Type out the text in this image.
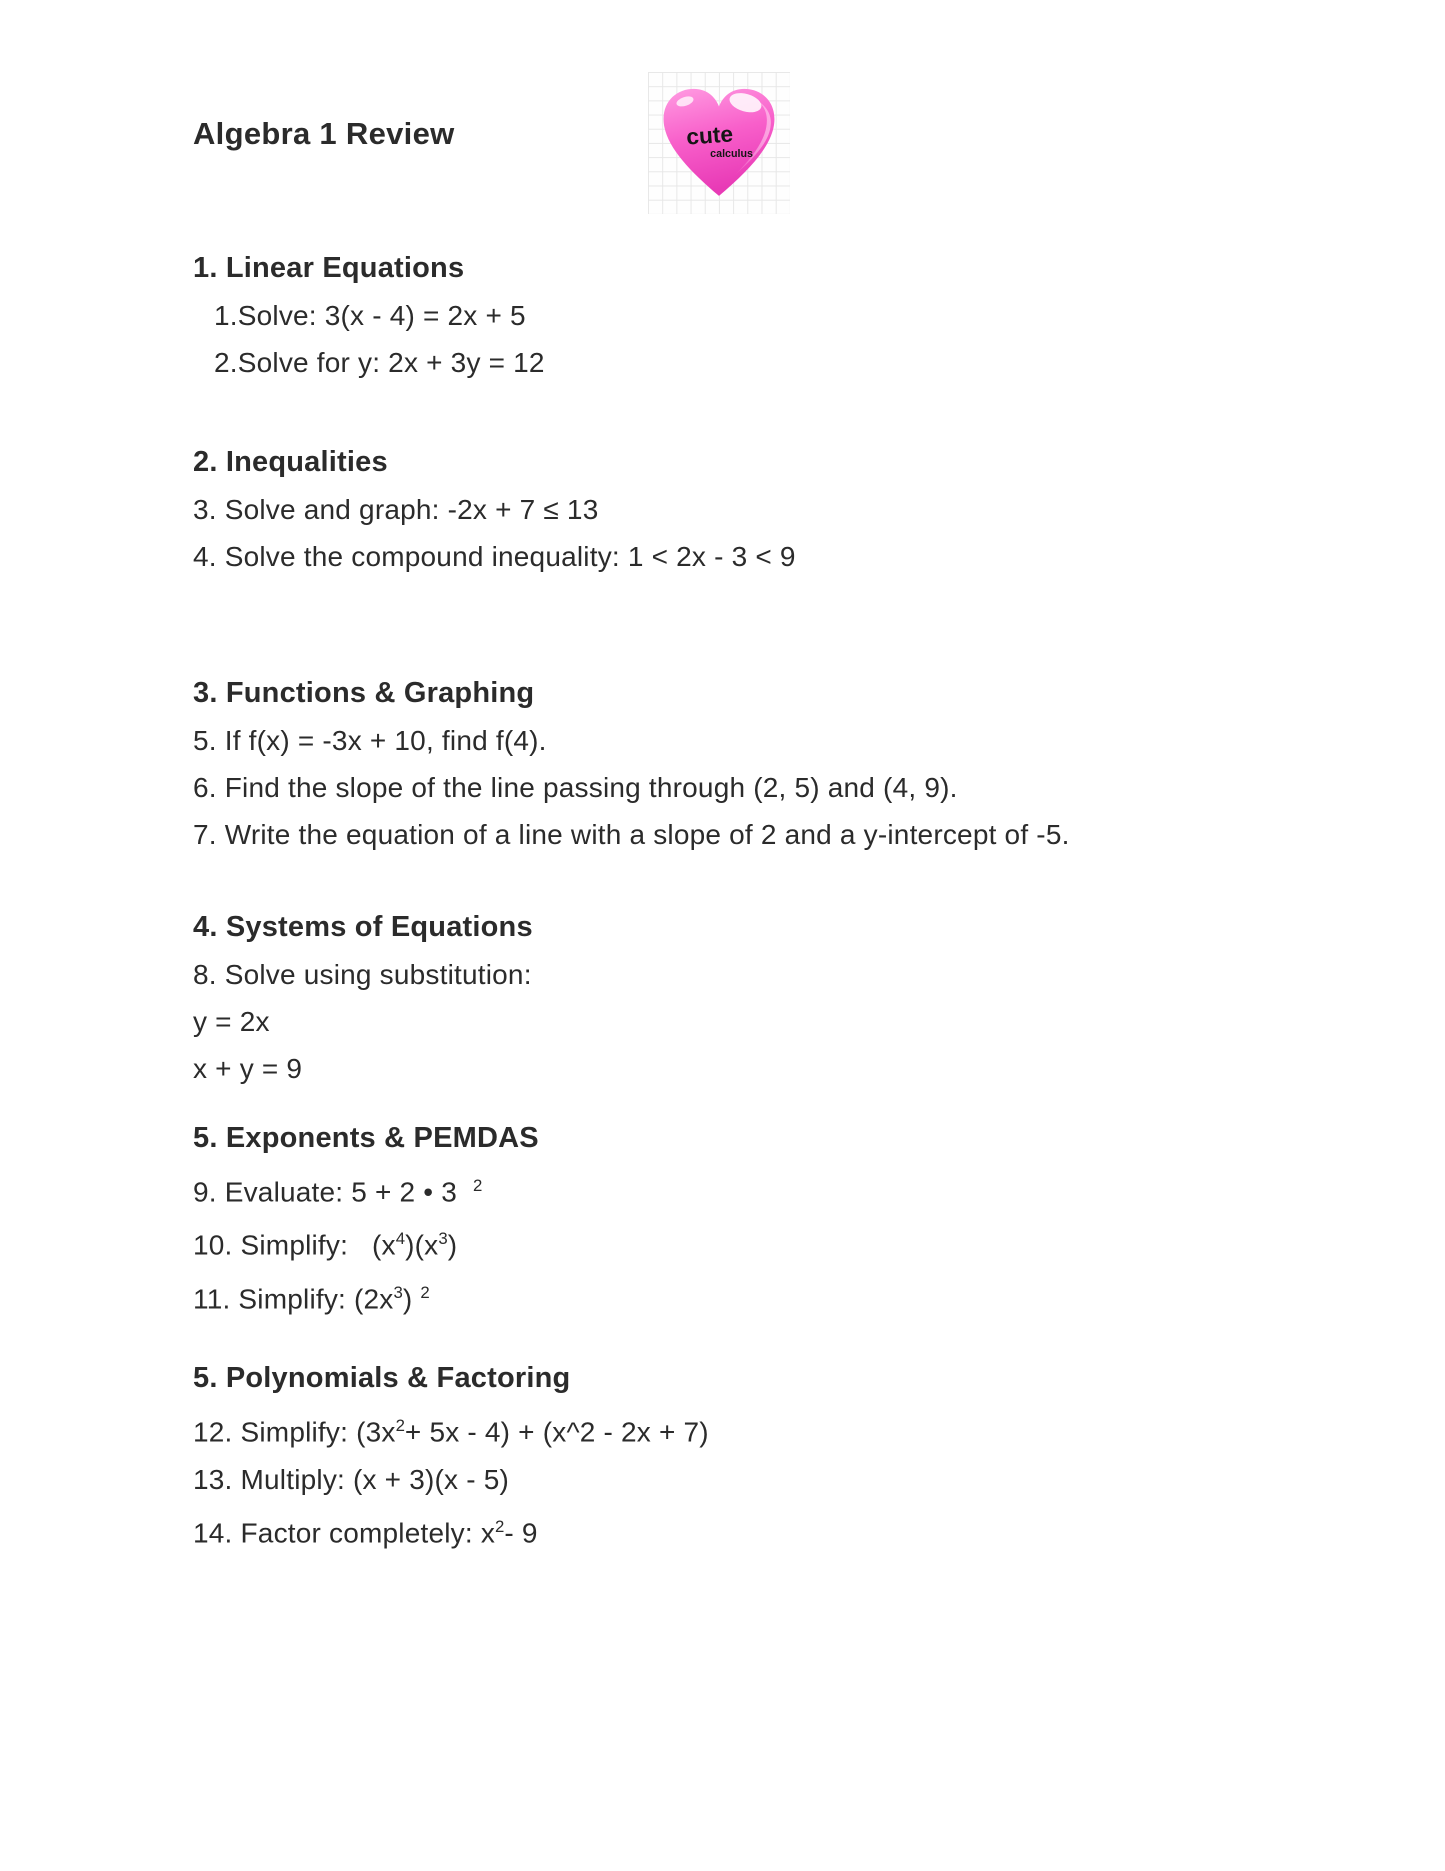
Algebra 1 Review	cute
calculus
1. Linear Equations

1.Solve: 3(x - 4) = 2x + 5

2.Solve for y: 2x + 3y = 12

2. Inequalities

3. Solve and graph: -2x + 7 ≤ 13

4. Solve the compound inequality: 1 < 2x - 3 < 9

3. Functions & Graphing

5. If f(x) = -3x + 10, find f(4).

6. Find the slope of the line passing through (2, 5) and (4, 9).

7. Write the equation of a line with a slope of 2 and a y-intercept of -5.

4. Systems of Equations

8. Solve using substitution:

y = 2x

x + y = 9

5. Exponents & PEMDAS

9. Evaluate: 5 + 2 • 3  $^2$

10. Simplify:   $(x^4)(x^3)$

11. Simplify: $(2x^3)$ $^2$

5. Polynomials & Factoring

12. Simplify: $(3x^2+ 5x - 4)$ + (x^2 - 2x + 7)

13. Multiply: (x + 3)(x - 5)

14. Factor completely: $x^2-$ 9
